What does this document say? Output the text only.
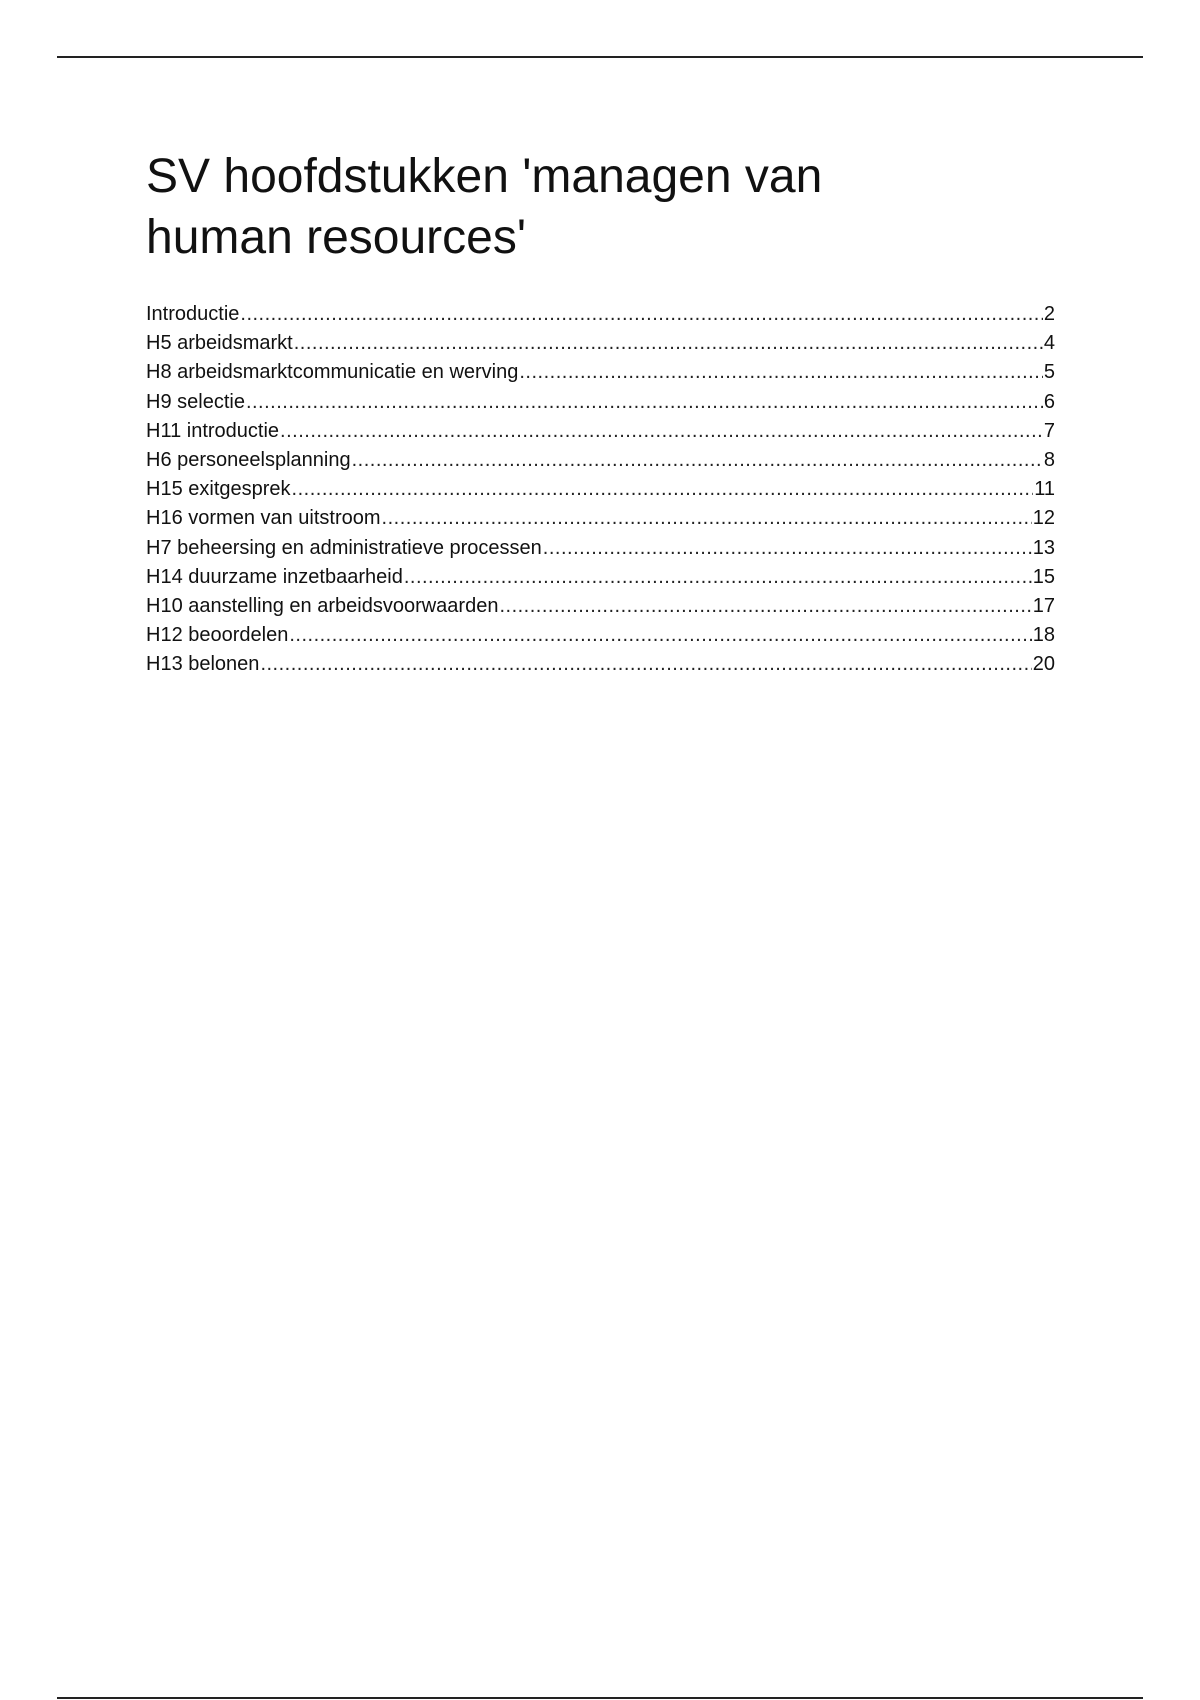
SV hoofdstukken 'managen van human resources'
Introductie .....	2
H5 arbeidsmarkt .....	4
H8 arbeidsmarktcommunicatie en werving .....	5
H9 selectie .....	6
H11 introductie .....	7
H6 personeelsplanning .....	8
H15 exitgesprek .....	11
H16 vormen van uitstroom .....	12
H7 beheersing en administratieve processen .....	13
H14 duurzame inzetbaarheid .....	15
H10 aanstelling en arbeidsvoorwaarden .....	17
H12 beoordelen .....	18
H13 belonen .....	20
